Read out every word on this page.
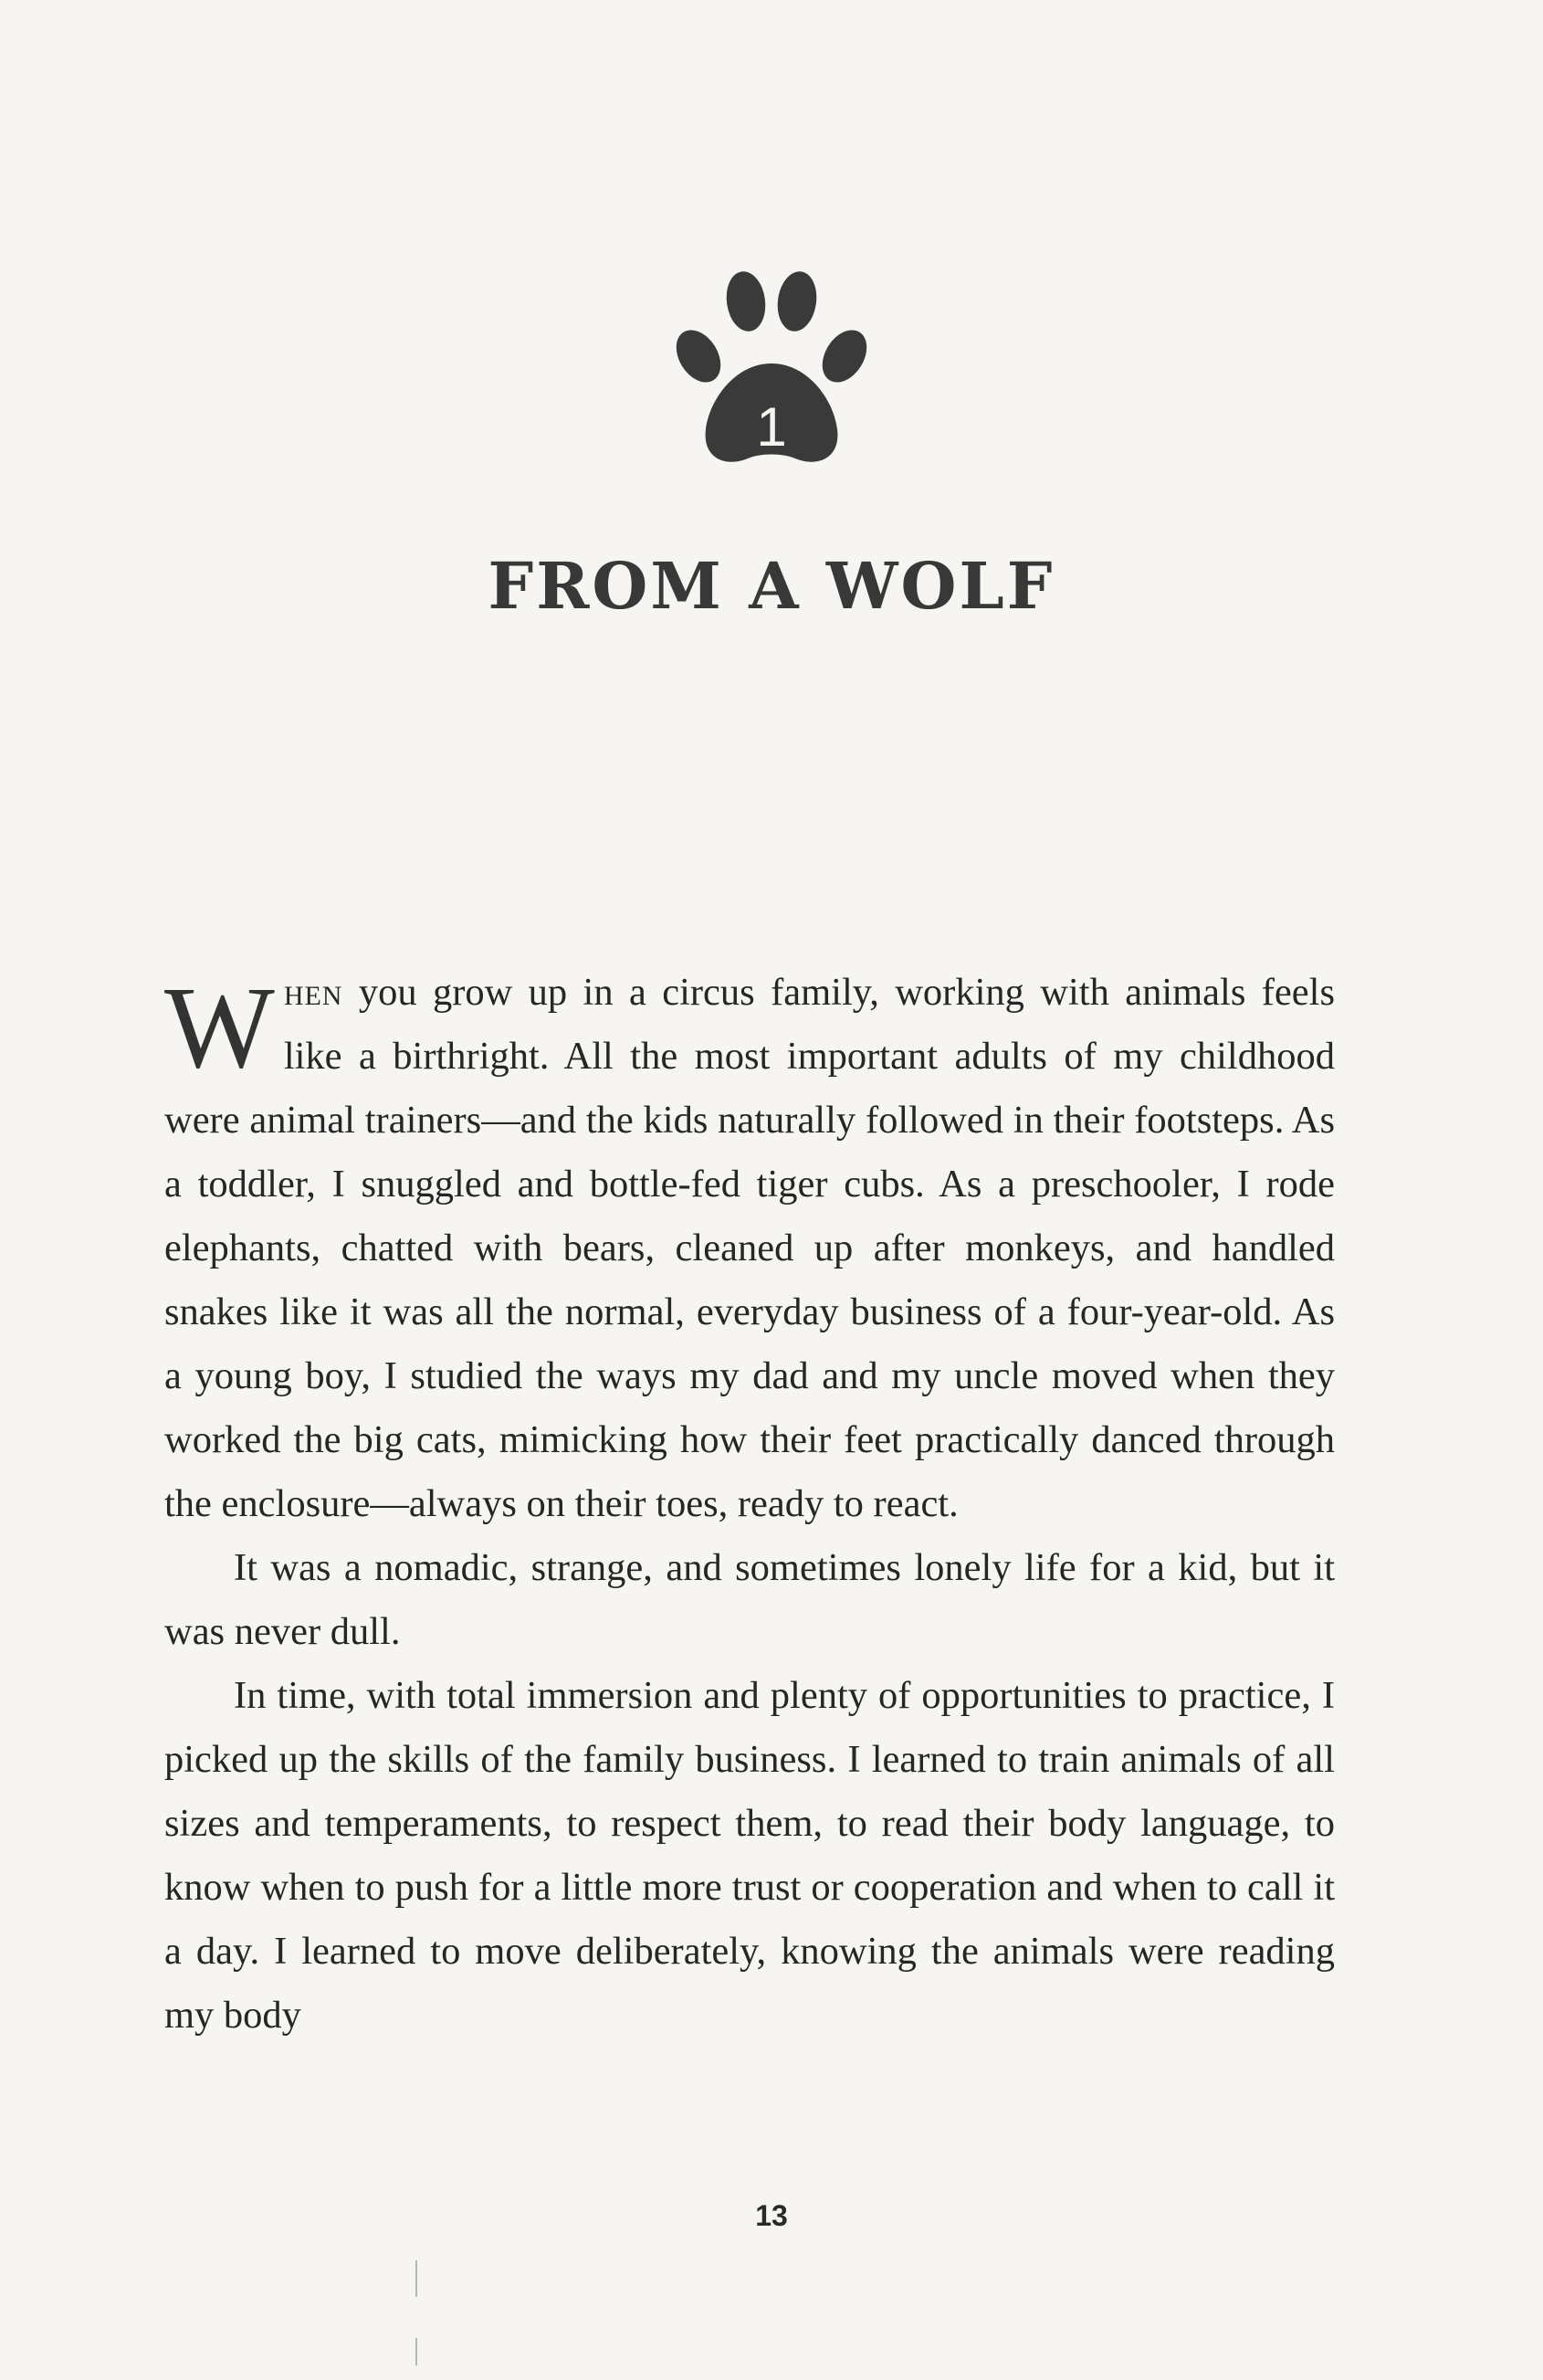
1
FROM A WOLF

When you grow up in a circus family, working with animals feels like a birthright. All the most important adults of my childhood were animal trainers—and the kids naturally followed in their footsteps. As a toddler, I snuggled and bottle-fed tiger cubs. As a preschooler, I rode elephants, chatted with bears, cleaned up after monkeys, and handled snakes like it was all the normal, everyday business of a four-year-old. As a young boy, I studied the ways my dad and my uncle moved when they worked the big cats, mimicking how their feet practically danced through the enclosure—always on their toes, ready to react.

It was a nomadic, strange, and sometimes lonely life for a kid, but it was never dull.

In time, with total immersion and plenty of opportunities to practice, I picked up the skills of the family business. I learned to train animals of all sizes and temperaments, to respect them, to read their body language, to know when to push for a little more trust or cooperation and when to call it a day. I learned to move deliberately, knowing the animals were reading my body

13
